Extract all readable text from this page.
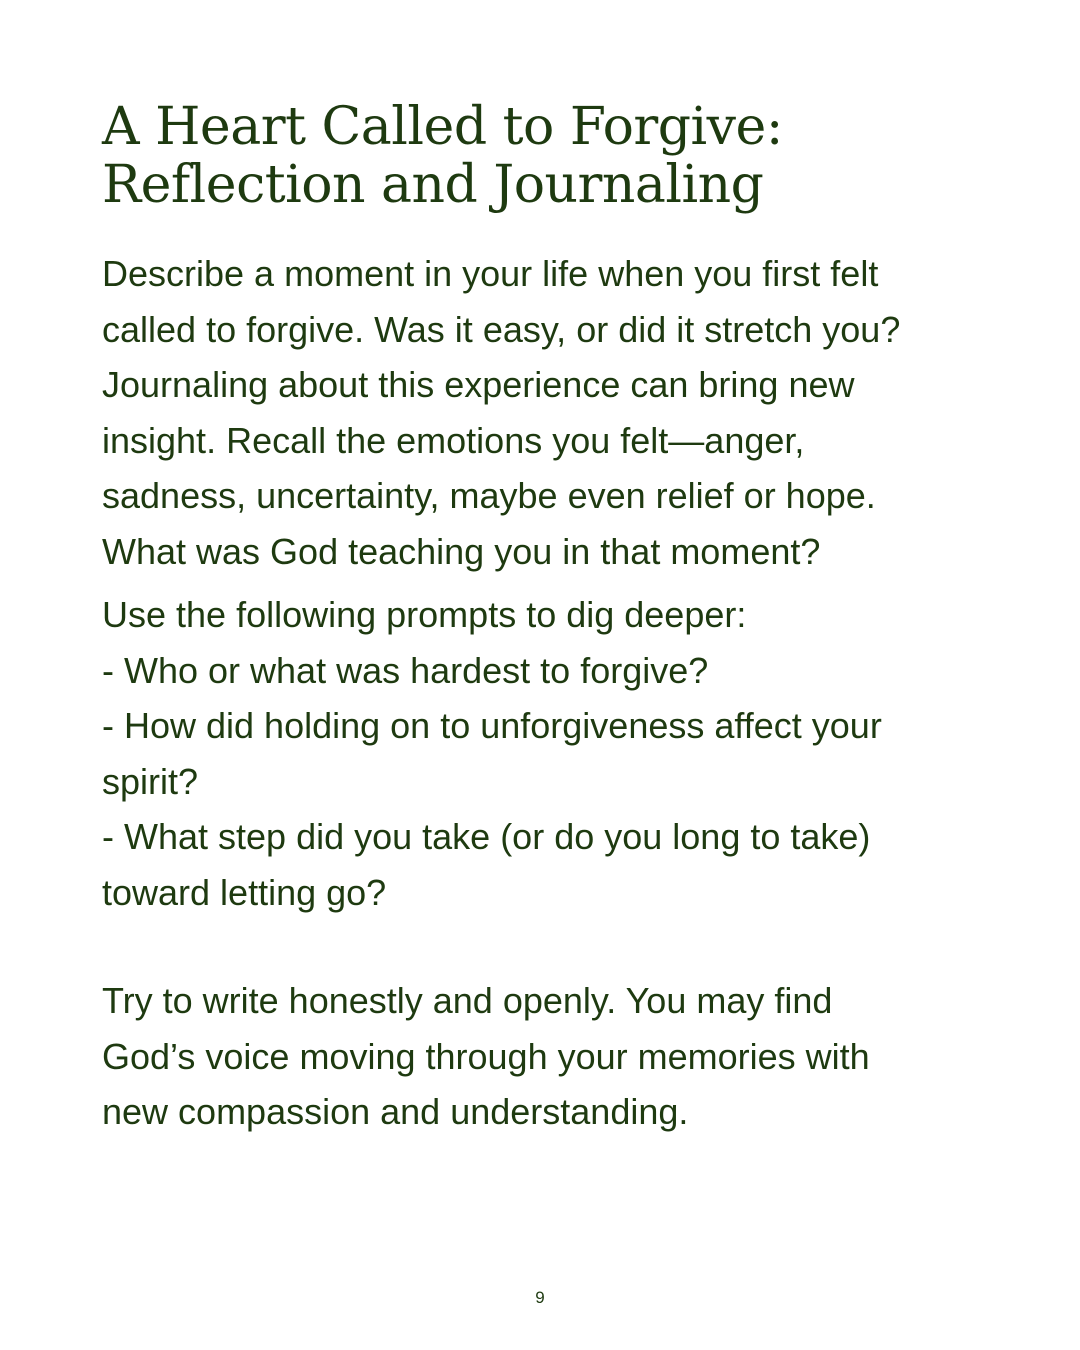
A Heart Called to Forgive:
Reflection and Journaling
Describe a moment in your life when you first felt
called to forgive. Was it easy, or did it stretch you?
Journaling about this experience can bring new
insight. Recall the emotions you felt—anger,
sadness, uncertainty, maybe even relief or hope.
What was God teaching you in that moment?
Use the following prompts to dig deeper:
- Who or what was hardest to forgive?
- How did holding on to unforgiveness affect your
spirit?
- What step did you take (or do you long to take)
toward letting go?
Try to write honestly and openly. You may find
God’s voice moving through your memories with
new compassion and understanding.
9
